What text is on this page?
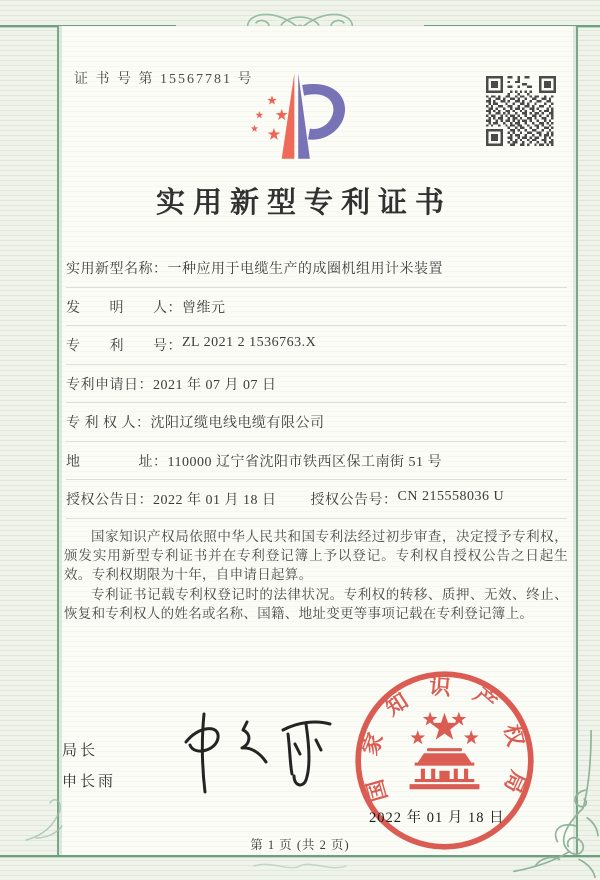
证 书 号 第 15567781 号
实用新型专利证书
实用新型名称： 一种应用于电缆生产的成圈机组用计米装置
发　　明　　人： 曾维元
专　　利　　号： ZL 2021 2 1536763.X
专利申请日： 2021 年 07 月 07 日
专 利 权 人： 沈阳辽缆电线电缆有限公司
地　　　　址： 110000 辽宁省沈阳市铁西区保工南街 51 号
授权公告日： 2022 年 01 月 18 日 授权公告号： CN 215558036 U

国家知识产权局依照中华人民共和国专利法经过初步审查，决定授予专利权，颁发实用新型专利证书并在专利登记簿上予以登记。专利权自授权公告之日起生效。专利权期限为十年，自申请日起算。

专利证书记载专利权登记时的法律状况。专利权的转移、质押、无效、终止、恢复和专利权人的姓名或名称、国籍、地址变更等事项记载在专利登记簿上。

局长
申长雨	国家知识产权局
2022 年 01 月 18 日
第 1 页 (共 2 页)
